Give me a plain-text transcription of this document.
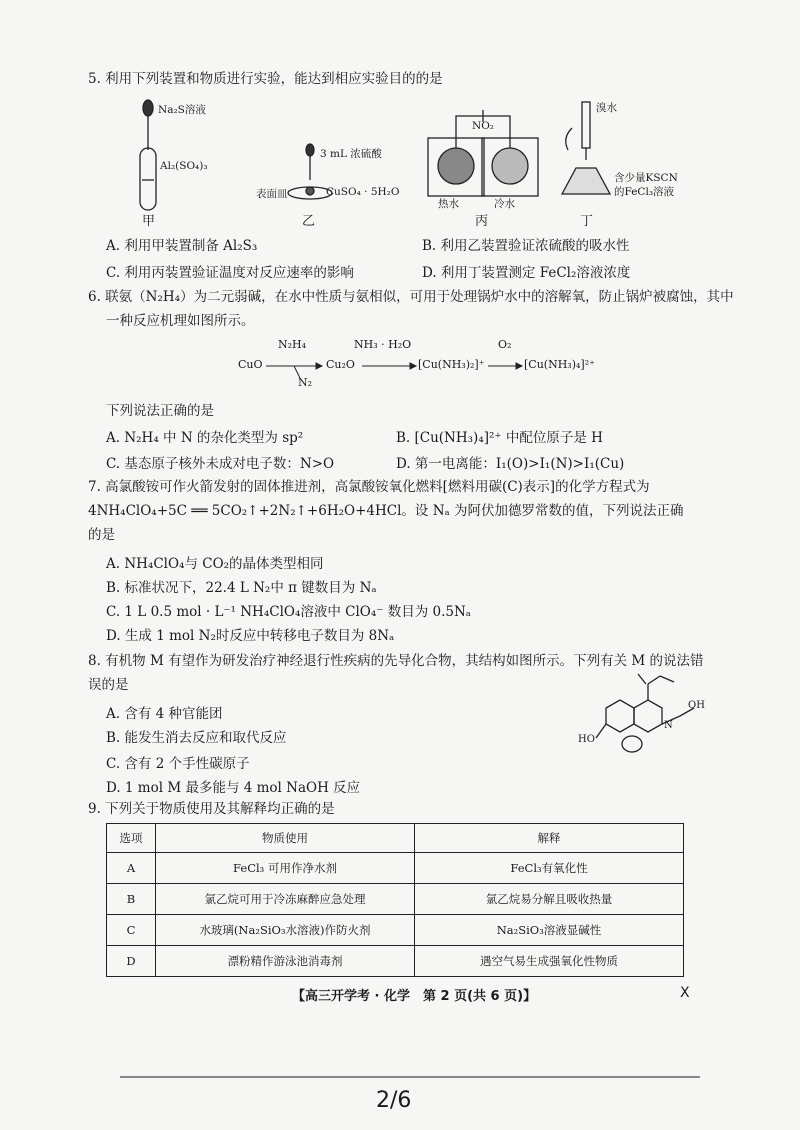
5. 利用下列装置和物质进行实验，能达到相应实验目的的是
Na₂S溶液
Al₂(SO₄)₃
甲
3 mL 浓硫酸
表面皿	CuSO₄ · 5H₂O
乙
NO₂
热水	冷水
丙
溴水
含少量KSCN
的FeCl₃溶液
丁
A. 利用甲装置制备 Al₂S₃	B. 利用乙装置验证浓硫酸的吸水性
C. 利用丙装置验证温度对反应速率的影响	D. 利用丁装置测定 FeCl₂溶液浓度
6. 联氨（N₂H₄）为二元弱碱，在水中性质与氨相似，可用于处理锅炉水中的溶解氧，防止锅炉被腐蚀，其中
一种反应机理如图所示。
CuO
N₂H₄
N₂
Cu₂O
NH₃ · H₂O
[Cu(NH₃)₂]⁺
O₂
[Cu(NH₃)₄]²⁺
下列说法正确的是
A. N₂H₄ 中 N 的杂化类型为 sp²	B. [Cu(NH₃)₄]²⁺ 中配位原子是 H
C. 基态原子核外未成对电子数：N>O	D. 第一电离能：I₁(O)>I₁(N)>I₁(Cu)
7. 高氯酸铵可作火箭发射的固体推进剂，高氯酸铵氧化燃料[燃料用碳(C)表示]的化学方程式为
4NH₄ClO₄+5C ══ 5CO₂↑+2N₂↑+6H₂O+4HCl。设 Nₐ 为阿伏加德罗常数的值，下列说法正确
的是
A. NH₄ClO₄与 CO₂的晶体类型相同
B. 标准状况下，22.4 L N₂中 π 键数目为 Nₐ
C. 1 L 0.5 mol · L⁻¹ NH₄ClO₄溶液中 ClO₄⁻ 数目为 0.5Nₐ
D. 生成 1 mol N₂时反应中转移电子数目为 8Nₐ
8. 有机物 M 有望作为研发治疗神经退行性疾病的先导化合物，其结构如图所示。下列有关 M 的说法错
误的是
A. 含有 4 种官能团
B. 能发生消去反应和取代反应
C. 含有 2 个手性碳原子
D. 1 mol M 最多能与 4 mol NaOH 反应
HO
OH
N
9. 下列关于物质使用及其解释均正确的是
选项	物质使用	解释
A	FeCl₃ 可用作净水剂	FeCl₃有氧化性
B	氯乙烷可用于冷冻麻醉应急处理	氯乙烷易分解且吸收热量
C	水玻璃(Na₂SiO₃水溶液)作防火剂	Na₂SiO₃溶液显碱性
D	漂粉精作游泳池消毒剂	遇空气易生成强氧化性物质
【高三开学考 · 化学　第 2 页(共 6 页)】	X
2/6
